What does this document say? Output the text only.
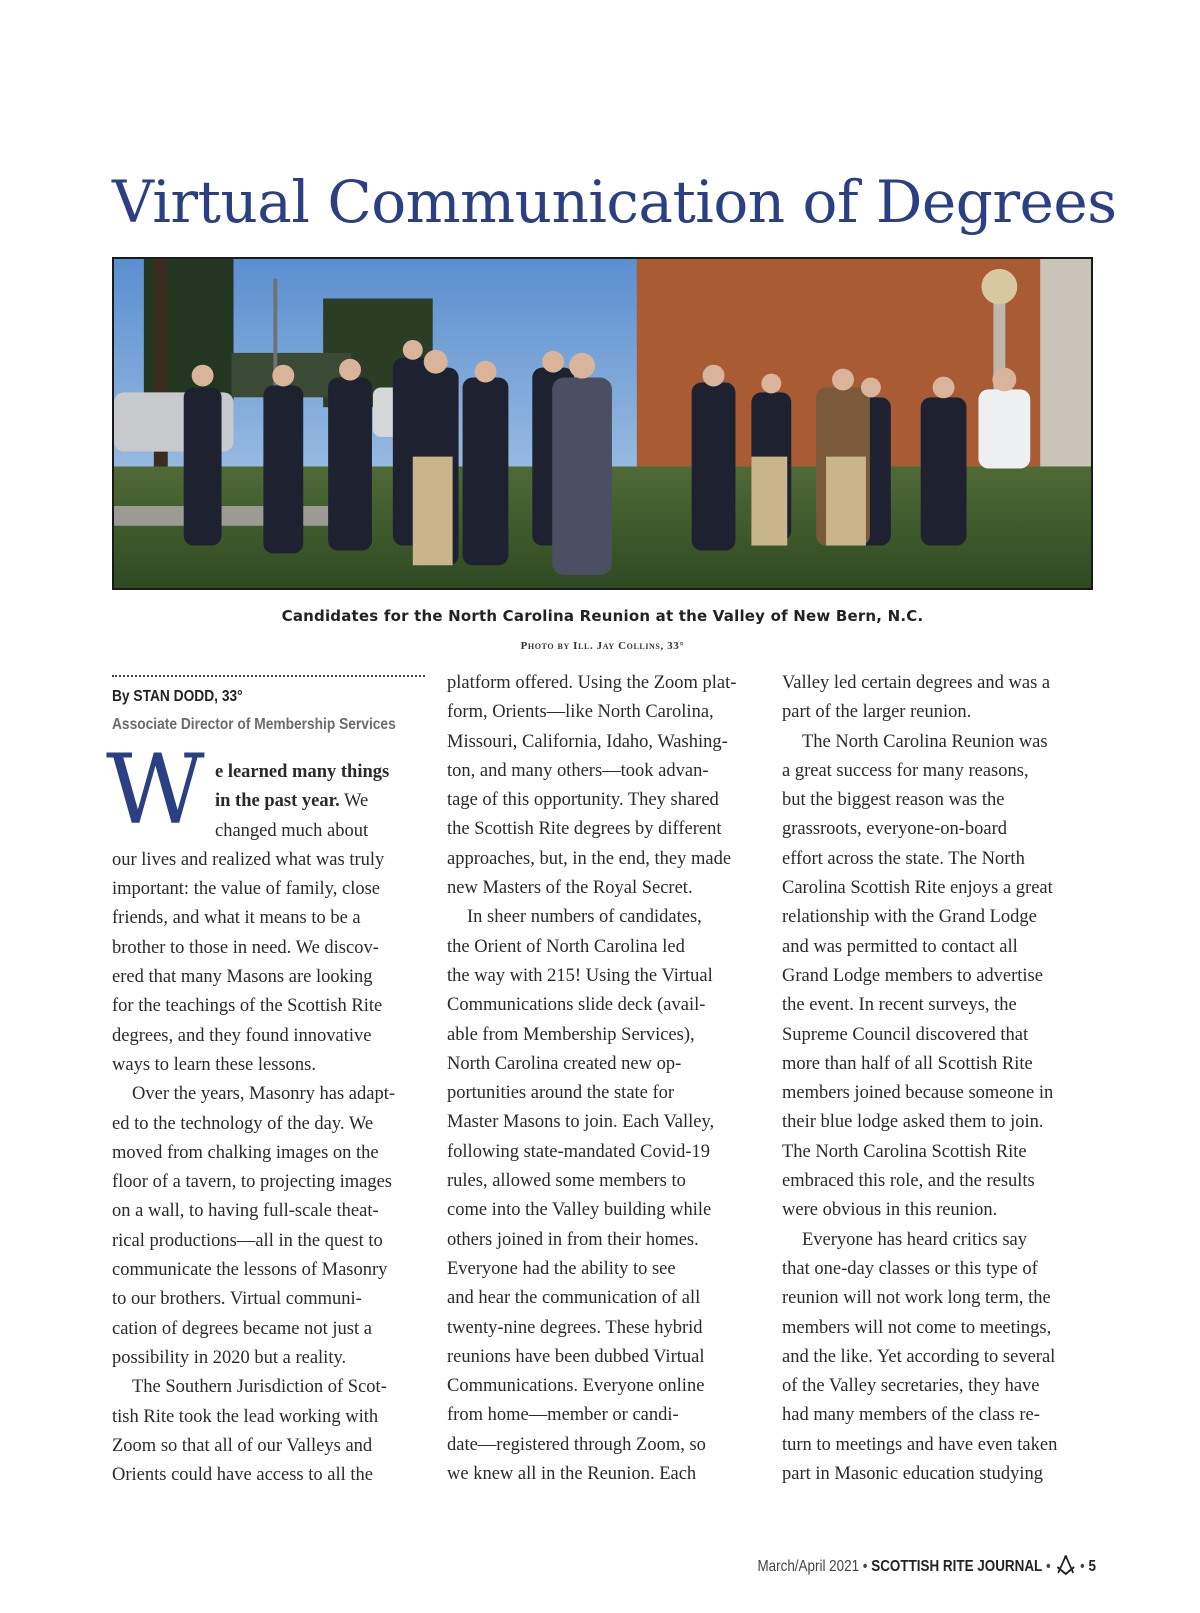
Virtual Communication of Degrees
Candidates for the North Carolina Reunion at the Valley of New Bern, N.C.
Photo by Ill. Jay Collins, 33°
By STAN DODD, 33°
Associate Director of Membership Services
W e learned many things
in the past year. We
changed much about
our lives and realized what was truly
important: the value of family, close
friends, and what it means to be a
brother to those in need. We discov-
ered that many Masons are looking
for the teachings of the Scottish Rite
degrees, and they found innovative
ways to learn these lessons.
Over the years, Masonry has adapt-
ed to the technology of the day. We
moved from chalking images on the
floor of a tavern, to projecting images
on a wall, to having full-scale theat-
rical productions—all in the quest to
communicate the lessons of Masonry
to our brothers. Virtual communi-
cation of degrees became not just a
possibility in 2020 but a reality.
The Southern Jurisdiction of Scot-
tish Rite took the lead working with
Zoom so that all of our Valleys and
Orients could have access to all the
platform offered. Using the Zoom plat-
form, Orients—like North Carolina,
Missouri, California, Idaho, Washing-
ton, and many others—took advan-
tage of this opportunity. They shared
the Scottish Rite degrees by different
approaches, but, in the end, they made
new Masters of the Royal Secret.
In sheer numbers of candidates,
the Orient of North Carolina led
the way with 215! Using the Virtual
Communications slide deck (avail-
able from Membership Services),
North Carolina created new op-
portunities around the state for
Master Masons to join. Each Valley,
following state-mandated Covid-19
rules, allowed some members to
come into the Valley building while
others joined in from their homes.
Everyone had the ability to see
and hear the communication of all
twenty-nine degrees. These hybrid
reunions have been dubbed Virtual
Communications. Everyone online
from home—member or candi-
date—registered through Zoom, so
we knew all in the Reunion. Each
Valley led certain degrees and was a
part of the larger reunion.
The North Carolina Reunion was
a great success for many reasons,
but the biggest reason was the
grassroots, everyone-on-board
effort across the state. The North
Carolina Scottish Rite enjoys a great
relationship with the Grand Lodge
and was permitted to contact all
Grand Lodge members to advertise
the event. In recent surveys, the
Supreme Council discovered that
more than half of all Scottish Rite
members joined because someone in
their blue lodge asked them to join.
The North Carolina Scottish Rite
embraced this role, and the results
were obvious in this reunion.
Everyone has heard critics say
that one-day classes or this type of
reunion will not work long term, the
members will not come to meetings,
and the like. Yet according to several
of the Valley secretaries, they have
had many members of the class re-
turn to meetings and have even taken
part in Masonic education studying
March/April 2021 • SCOTTISH RITE JOURNAL •  • 5
